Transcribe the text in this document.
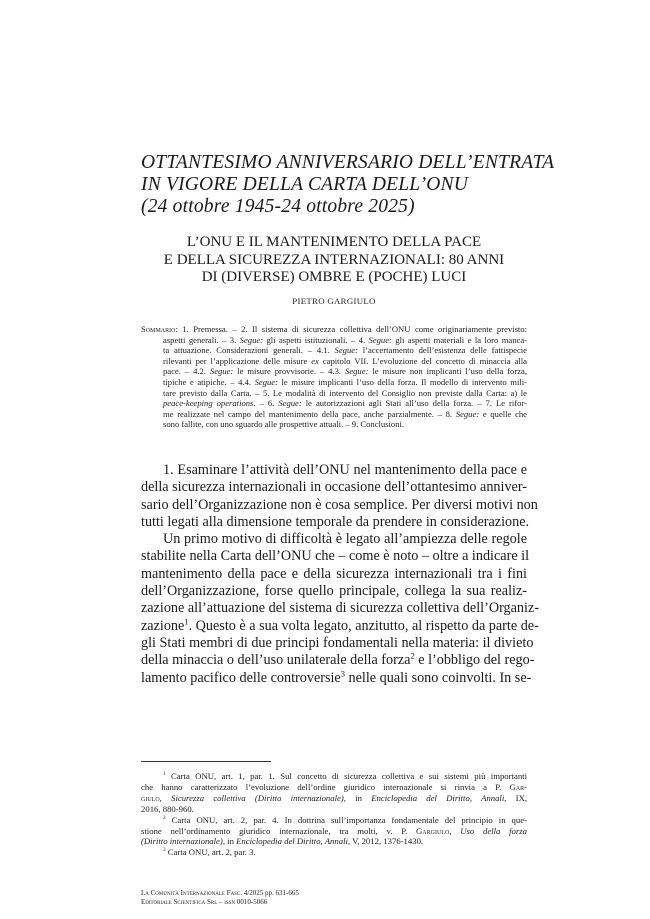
OTTANTESIMO ANNIVERSARIO DELL’ENTRATA
IN VIGORE DELLA CARTA DELL’ONU
(24 ottobre 1945-24 ottobre 2025)
L’ONU E IL MANTENIMENTO DELLA PACE
E DELLA SICUREZZA INTERNAZIONALI: 80 ANNI
DI (DIVERSE) OMBRE E (POCHE) LUCI
PIETRO GARGIULO

Sommario: 1. Premessa. – 2. Il sistema di sicurezza collettiva dell’ONU come originariamente previsto:
aspetti generali. – 3. Segue: gli aspetti istituzionali. – 4. Segue: gli aspetti materiali e la loro manca-
ta attuazione. Considerazioni generali. – 4.1. Segue: l’accertamento dell’esistenza delle fattispecie
rilevanti per l’applicazione delle misure ex capitolo VII. L’evoluzione del concetto di minaccia alla
pace. – 4.2. Segue: le misure provvisorie. – 4.3. Segue: le misure non implicanti l’uso della forza,
tipiche e atipiche. – 4.4. Segue: le misure implicanti l’uso della forza. Il modello di intervento mili-
tare previsto dalla Carta. – 5. Le modalità di intervento del Consiglio non previste dalla Carta: a) le
peace-keeping operations. – 6. Segue: le autorizzazioni agli Stati all’uso della forza. – 7. Le rifor-
me realizzate nel campo del mantenimento della pace, anche parzialmente. – 8. Segue: e quelle che
sono fallite, con uno sguardo alle prospettive attuali. – 9. Conclusioni.

1. Esaminare l’attività dell’ONU nel mantenimento della pace e
della sicurezza internazionali in occasione dell’ottantesimo anniver-
sario dell’Organizzazione non è cosa semplice. Per diversi motivi non
tutti legati alla dimensione temporale da prendere in considerazione.
Un primo motivo di difficoltà è legato all’ampiezza delle regole
stabilite nella Carta dell’ONU che – come è noto – oltre a indicare il
mantenimento della pace e della sicurezza internazionali tra i fini
dell’Organizzazione, forse quello principale, collega la sua realiz-
zazione all’attuazione del sistema di sicurezza collettiva dell’Organiz-
zazione$^1$. Questo è a sua volta legato, anzitutto, al rispetto da parte de-
gli Stati membri di due principi fondamentali nella materia: il divieto
della minaccia o dell’uso unilaterale della forza$^2$ e l’obbligo del rego-
lamento pacifico delle controversie$^3$ nelle quali sono coinvolti. In se-

$^1$ Carta ONU, art. 1, par. 1. Sul concetto di sicurezza collettiva e sui sistemi più importanti
che hanno caratterizzato l’evoluzione dell’ordine giuridico internazionale si rinvia a P. Gar-
giulo, Sicurezza collettiva (Diritto internazionale), in Enciclopedia del Diritto, Annali, IX,
2016, 880-960.
$^2$ Carta ONU, art. 2, par. 4. In dottrina sull’importanza fondamentale del principio in que-
stione nell’ordinamento giuridico internazionale, tra molti, v. P. Gargiulo, Uso della forza
(Diritto internazionale), in Enciclopedia del Diritto, Annali, V, 2012, 1376-1430.
$^3$ Carta ONU, art. 2, par. 3.

La Comunità Internazionale Fasc. 4/2025 pp. 631-665
Editoriale Scientifica Srl – issn 0010-5066
